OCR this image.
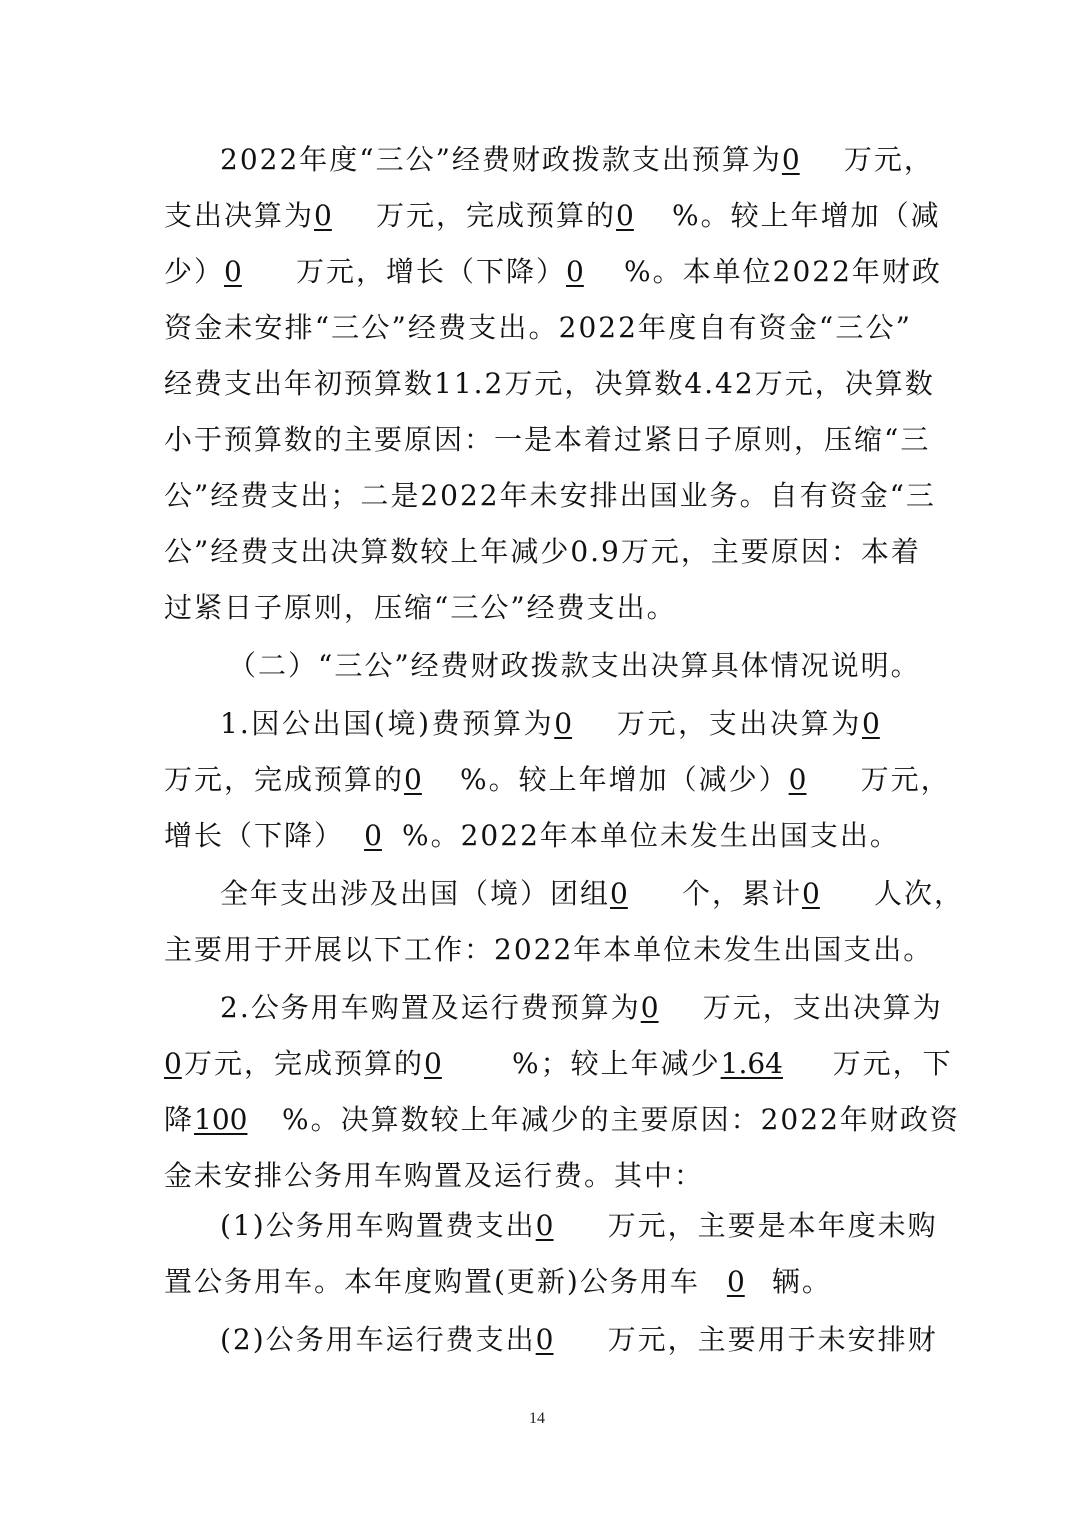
2022年度“三公”经费财政拨款支出预算为0 万元，
支出决算为0 万元，完成预算的0 %。较上年增加（减
少）0 万元，增长（下降）0 %。本单位2022年财政
资金未安排“三公”经费支出。2022年度自有资金“三公”
经费支出年初预算数11.2万元，决算数4.42万元，决算数
小于预算数的主要原因：一是本着过紧日子原则，压缩“三
公”经费支出；二是2022年未安排出国业务。自有资金“三
公”经费支出决算数较上年减少0.9万元，主要原因：本着
过紧日子原则，压缩“三公”经费支出。
（二）“三公”经费财政拨款支出决算具体情况说明。
1.因公出国(境)费预算为0 万元，支出决算为0
万元，完成预算的0 %。较上年增加（减少）0 万元，
增长（下降） 0 %。2022年本单位未发生出国支出。
全年支出涉及出国（境）团组0 个，累计0 人次，
主要用于开展以下工作：2022年本单位未发生出国支出。
2.公务用车购置及运行费预算为0 万元，支出决算为
0万元，完成预算的0	%；较上年减少1.64 万元，下
降100 %。决算数较上年减少的主要原因：2022年财政资
金未安排公务用车购置及运行费。其中：
(1)公务用车购置费支出0 万元，主要是本年度未购
置公务用车。本年度购置(更新)公务用车 0 辆。
(2)公务用车运行费支出0 万元，主要用于未安排财
14
